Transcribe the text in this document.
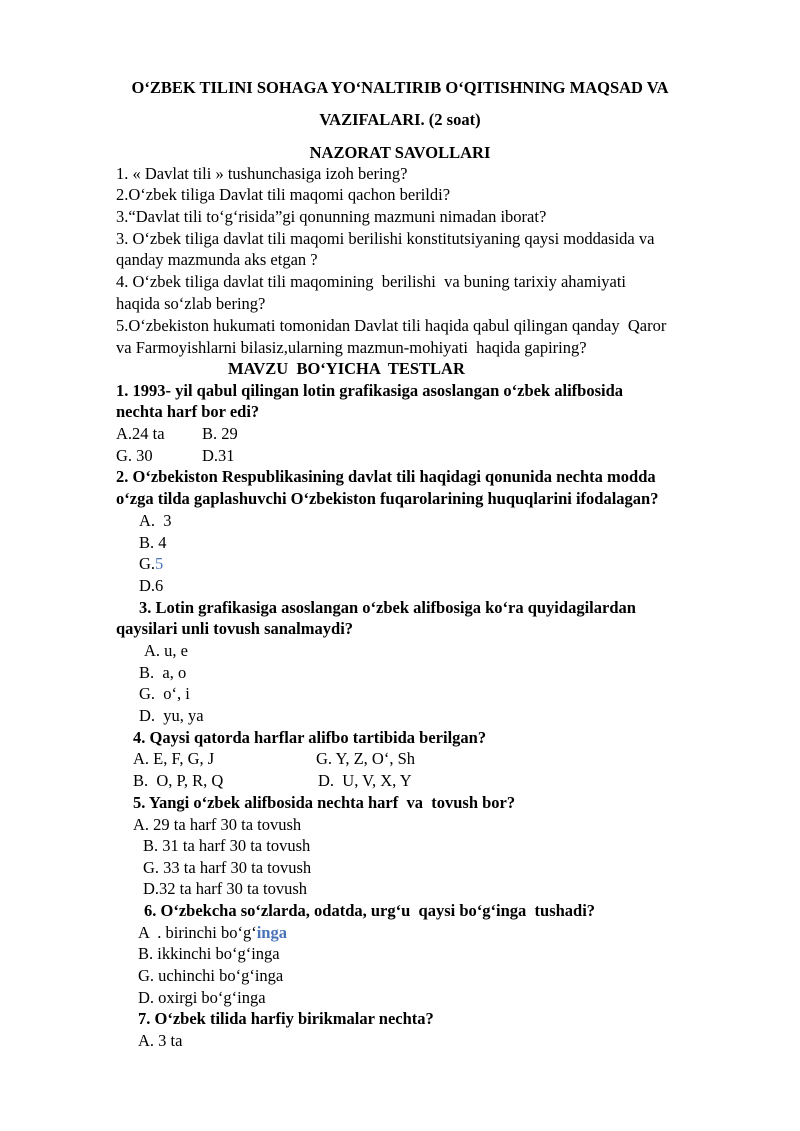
O‘ZBEK TILINI SOHAGA YO‘NALTIRIB O‘QITISHNING MAQSAD VA
VAZIFALARI. (2 soat)
NAZORAT SAVOLLARI
1. « Davlat tili » tushunchasiga izoh bering?
2.O‘zbek tiliga Davlat tili maqomi qachon berildi?
3.“Davlat tili to‘g‘risida”gi qonunning mazmuni nimadan iborat?
3. O‘zbek tiliga davlat tili maqomi berilishi konstitutsiyaning qaysi moddasida va
qanday mazmunda aks etgan ?
4. O‘zbek tiliga davlat tili maqomining  berilishi  va buning tarixiy ahamiyati
haqida so‘zlab bering?
5.O‘zbekiston hukumati tomonidan Davlat tili haqida qabul qilingan qanday  Qaror
va Farmoyishlarni bilasiz,ularning mazmun-mohiyati  haqida gapiring?
MAVZU  BO‘YICHA  TESTLAR
1. 1993- yil qabul qilingan lotin grafikasiga asoslangan o‘zbek alifbosida
nechta harf bor edi?
A.24 ta B. 29
G. 30	D.31
2. O‘zbekiston Respublikasining davlat tili haqidagi qonunida nechta modda
o‘zga tilda gaplashuvchi O‘zbekiston fuqarolarining huquqlarini ifodalagan?
A.  3
B. 4
G.5
D.6
3. Lotin grafikasiga asoslangan o‘zbek alifbosiga ko‘ra quyidagilardan
qaysilari unli tovush sanalmaydi?
A. u, e
B.  a, o
G.  o‘, i
D.  yu, ya
4. Qaysi qatorda harflar alifbo tartibida berilgan?
A. E, F, G, J	G. Y, Z, O‘, Sh
B.  O, P, R, Q	D.  U, V, X, Y
5. Yangi o‘zbek alifbosida nechta harf  va  tovush bor?
A. 29 ta harf 30 ta tovush
B. 31 ta harf 30 ta tovush
G. 33 ta harf 30 ta tovush
D.32 ta harf 30 ta tovush
6. O‘zbekcha so‘zlarda, odatda, urg‘u  qaysi bo‘g‘inga  tushadi?
A  . birinchi bo‘g‘inga
B. ikkinchi bo‘g‘inga
G. uchinchi bo‘g‘inga
D. oxirgi bo‘g‘inga
7. O‘zbek tilida harfiy birikmalar nechta?
A. 3 ta
